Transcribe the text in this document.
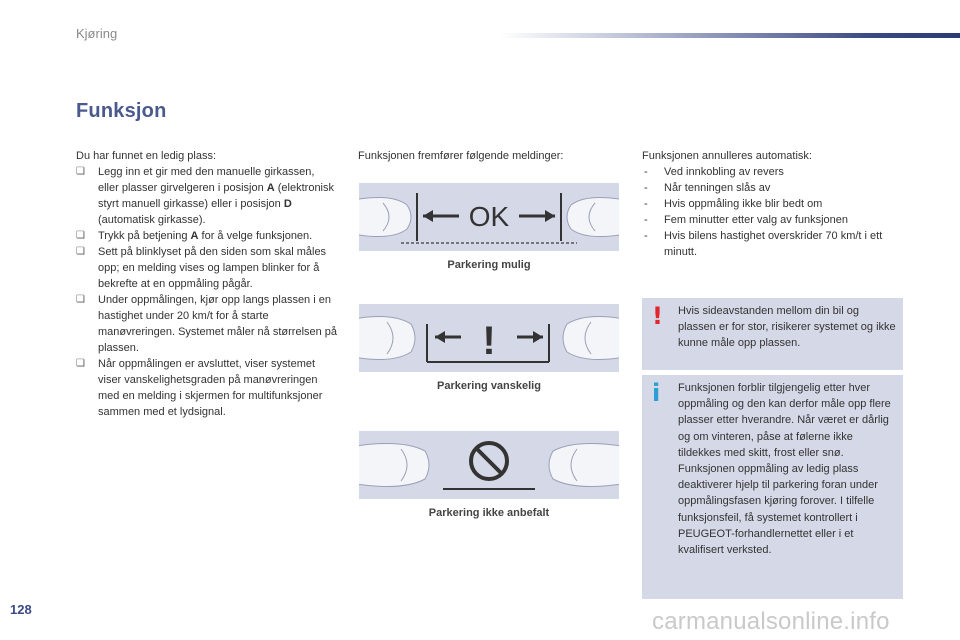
Kjøring
Funksjon
Du har funnet en ledig plass:
❏ Legg inn et gir med den manuelle girkassen, eller plasser girvelgeren i posisjon A (elektronisk styrt manuell girkasse) eller i posisjon D (automatisk girkasse).
❏ Trykk på betjening A for å velge funksjonen.
❏ Sett på blinklyset på den siden som skal måles opp; en melding vises og lampen blinker for å bekrefte at en oppmåling pågår.
❏ Under oppmålingen, kjør opp langs plassen i en hastighet under 20 km/t for å starte manøvreringen. Systemet måler nå størrelsen på plassen.
❏ Når oppmålingen er avsluttet, viser systemet viser vanskelighetsgraden på manøvreringen med en melding i skjermen for multifunksjoner sammen med et lydsignal.
Funksjonen fremfører følgende meldinger:
OK
Parkering mulig
!
Parkering vanskelig
Parkering ikke anbefalt
Funksjonen annulleres automatisk:
- Ved innkobling av revers
- Når tenningen slås av
- Hvis oppmåling ikke blir bedt om
- Fem minutter etter valg av funksjonen
- Hvis bilens hastighet overskrider 70 km/t i ett minutt.
! Hvis sideavstanden mellom din bil og plassen er for stor, risikerer systemet og ikke kunne måle opp plassen.
i Funksjonen forblir tilgjengelig etter hver oppmåling og den kan derfor måle opp flere plasser etter hverandre. Når været er dårlig og om vinteren, påse at følerne ikke tildekkes med skitt, frost eller snø. Funksjonen oppmåling av ledig plass deaktiverer hjelp til parkering foran under oppmålingsfasen kjøring forover. I tilfelle funksjonsfeil, få systemet kontrollert i PEUGEOT-forhandlernettet eller i et kvalifisert verksted.
128	carmanualsonline.info
